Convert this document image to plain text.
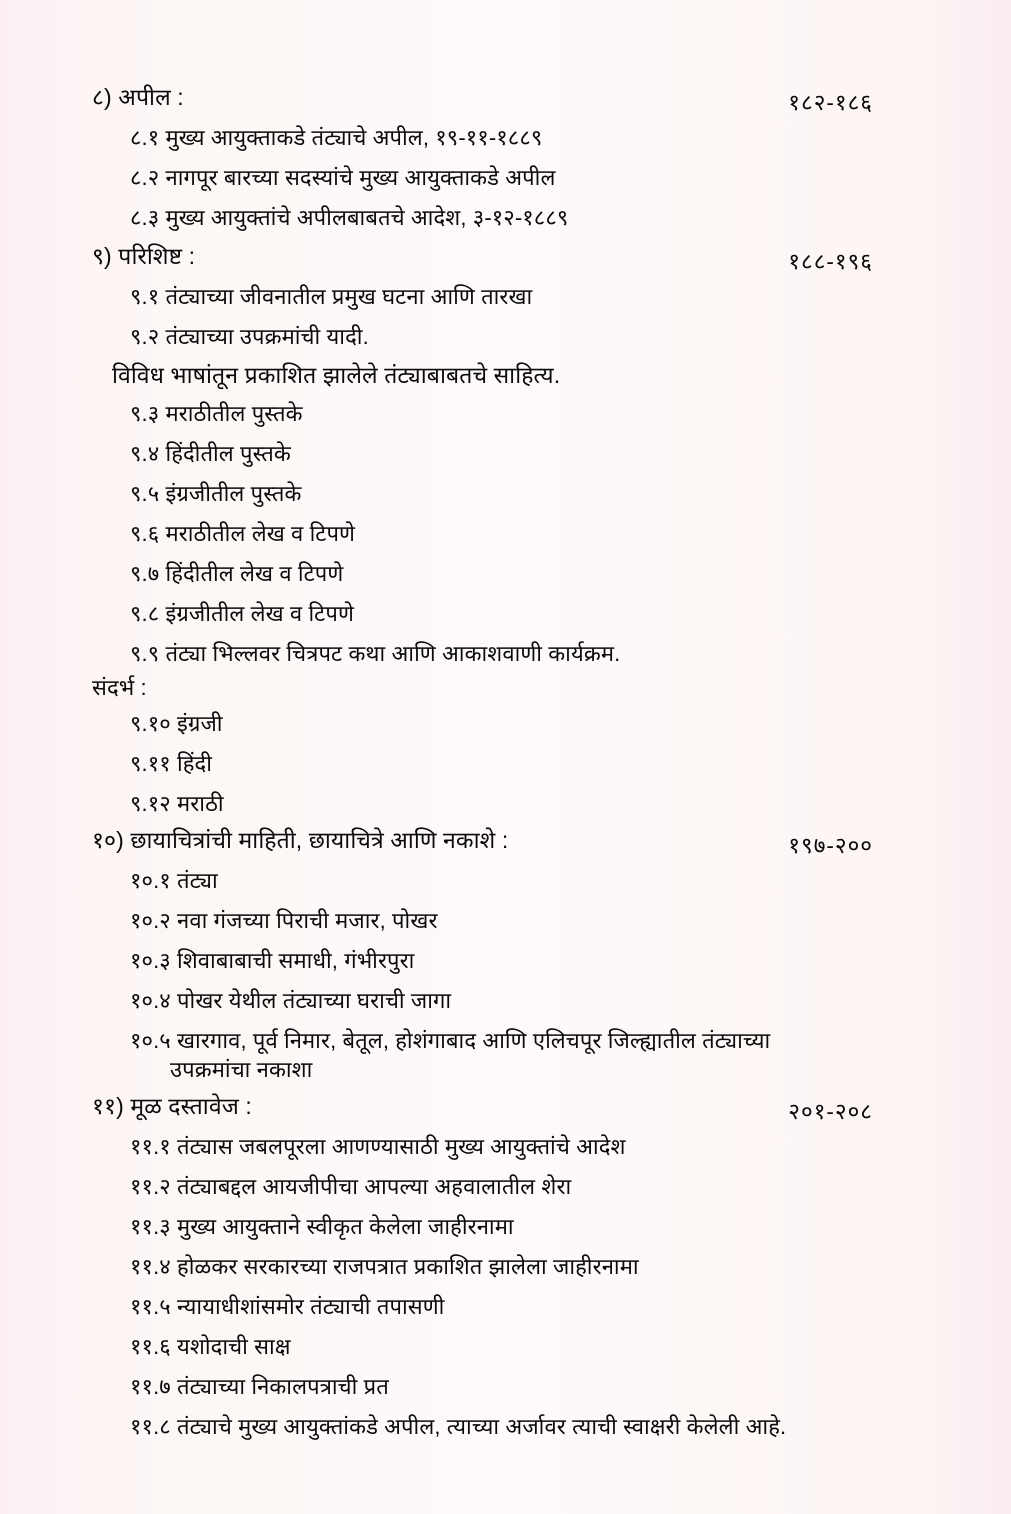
८) अपील :	१८२-१८६
८.१ मुख्य आयुक्ताकडे तंट्याचे अपील, १९-११-१८८९
८.२ नागपूर बारच्या सदस्यांचे मुख्य आयुक्ताकडे अपील
८.३ मुख्य आयुक्तांचे अपीलबाबतचे आदेश, ३-१२-१८८९
९) परिशिष्ट :	१८८-१९६
९.१ तंट्याच्या जीवनातील प्रमुख घटना आणि तारखा
९.२ तंट्याच्या उपक्रमांची यादी.
विविध भाषांतून प्रकाशित झालेले तंट्याबाबतचे साहित्य.
९.३ मराठीतील पुस्तके
९.४ हिंदीतील पुस्तके
९.५ इंग्रजीतील पुस्तके
९.६ मराठीतील लेख व टिपणे
९.७ हिंदीतील लेख व टिपणे
९.८ इंग्रजीतील लेख व टिपणे
९.९ तंट्या भिल्लवर चित्रपट कथा आणि आकाशवाणी कार्यक्रम.
संदर्भ :
९.१० इंग्रजी
९.११ हिंदी
९.१२ मराठी
१०) छायाचित्रांची माहिती, छायाचित्रे आणि नकाशे :	१९७-२००
१०.१ तंट्या
१०.२ नवा गंजच्या पिराची मजार, पोखर
१०.३ शिवाबाबाची समाधी, गंभीरपुरा
१०.४ पोखर येथील तंट्याच्या घराची जागा
१०.५ खारगाव, पूर्व निमार, बेतूल, होशंगाबाद आणि एलिचपूर जिल्ह्यातील तंट्याच्या
उपक्रमांचा नकाशा
११) मूळ दस्तावेज :	२०१-२०८
११.१ तंट्यास जबलपूरला आणण्यासाठी मुख्य आयुक्तांचे आदेश
११.२ तंट्याबद्दल आयजीपीचा आपल्या अहवालातील शेरा
११.३ मुख्य आयुक्ताने स्वीकृत केलेला जाहीरनामा
११.४ होळकर सरकारच्या राजपत्रात प्रकाशित झालेला जाहीरनामा
११.५ न्यायाधीशांसमोर तंट्याची तपासणी
११.६ यशोदाची साक्ष
११.७ तंट्याच्या निकालपत्राची प्रत
११.८ तंट्याचे मुख्य आयुक्तांकडे अपील, त्याच्या अर्जावर त्याची स्वाक्षरी केलेली आहे.
